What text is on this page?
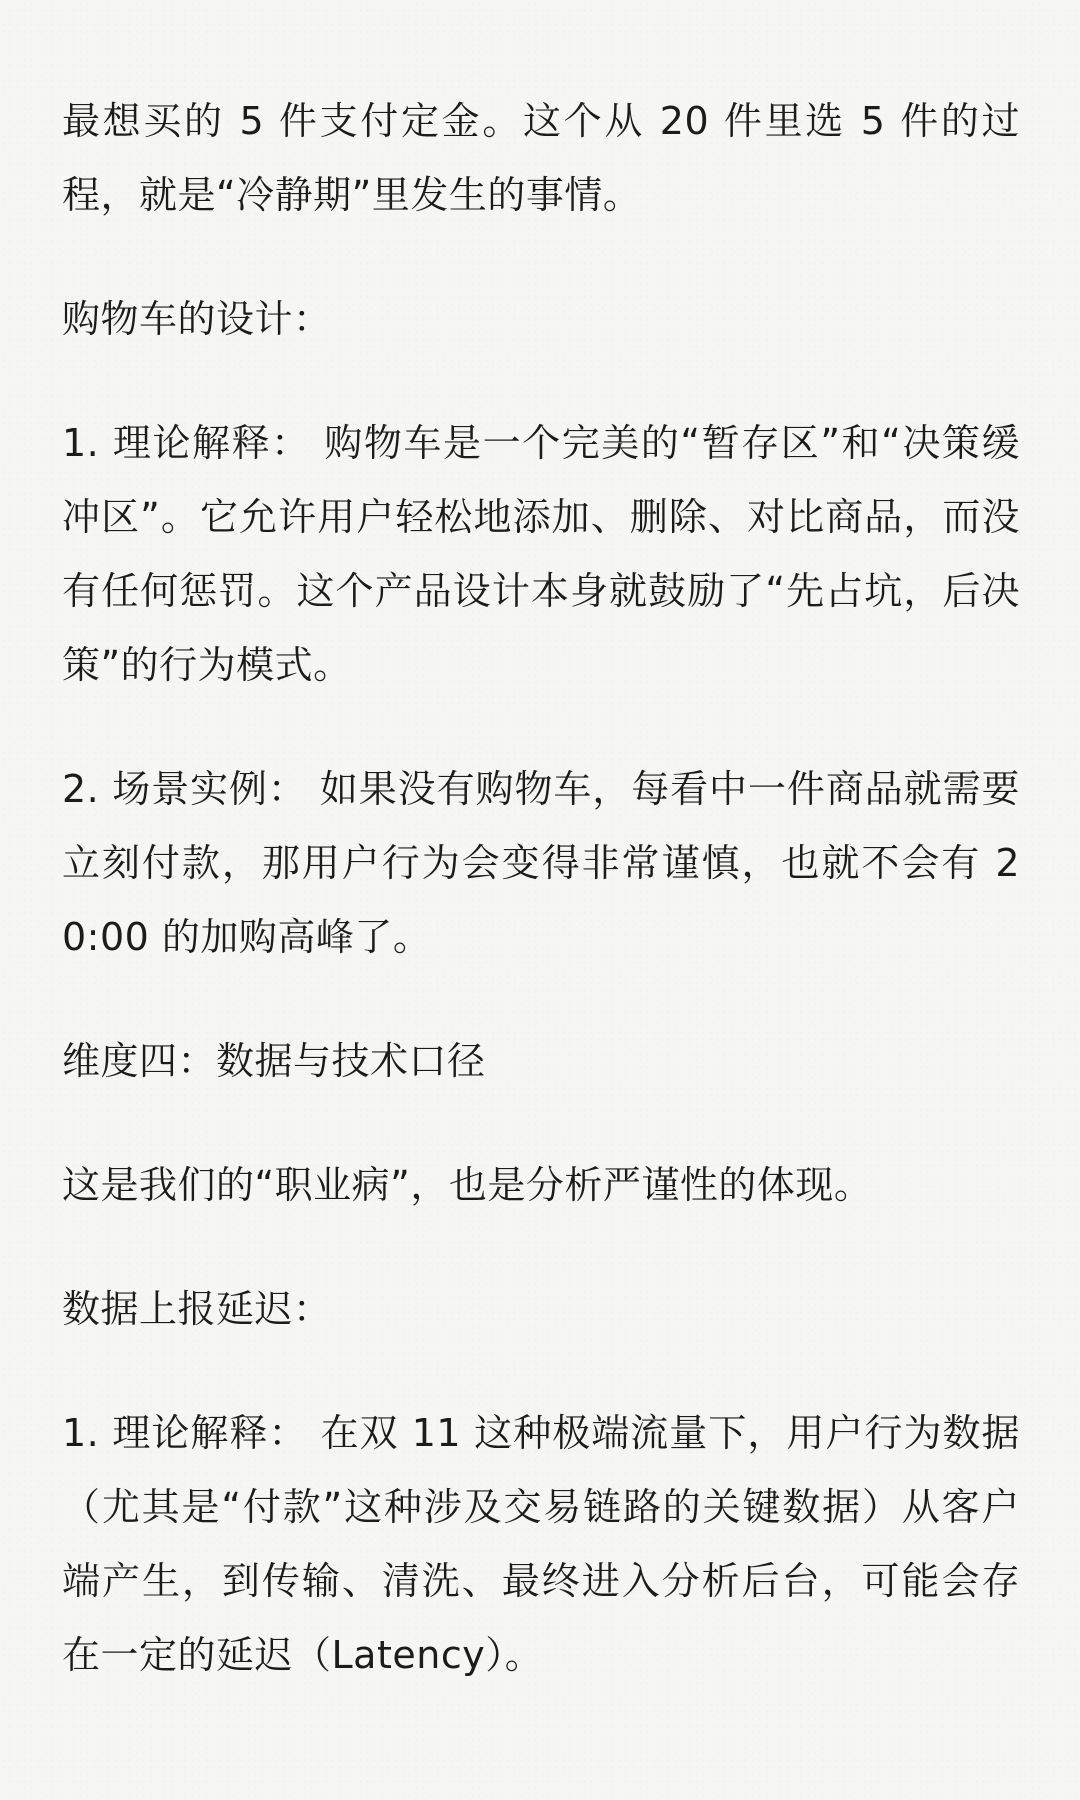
最想买的 5 件支付定金。这个从 20 件里选 5 件的过程，就是“冷静期”里发生的事情。

购物车的设计：

1. 理论解释： 购物车是一个完美的“暂存区”和“决策缓冲区”。它允许用户轻松地添加、删除、对比商品，而没有任何惩罚。这个产品设计本身就鼓励了“先占坑，后决策”的行为模式。

2. 场景实例： 如果没有购物车，每看中一件商品就需要立刻付款，那用户行为会变得非常谨慎，也就不会有 20:00 的加购高峰了。

维度四：数据与技术口径

这是我们的“职业病”，也是分析严谨性的体现。

数据上报延迟：

1. 理论解释： 在双 11 这种极端流量下，用户行为数据（尤其是“付款”这种涉及交易链路的关键数据）从客户端产生，到传输、清洗、最终进入分析后台，可能会存在一定的延迟（Latency）。
